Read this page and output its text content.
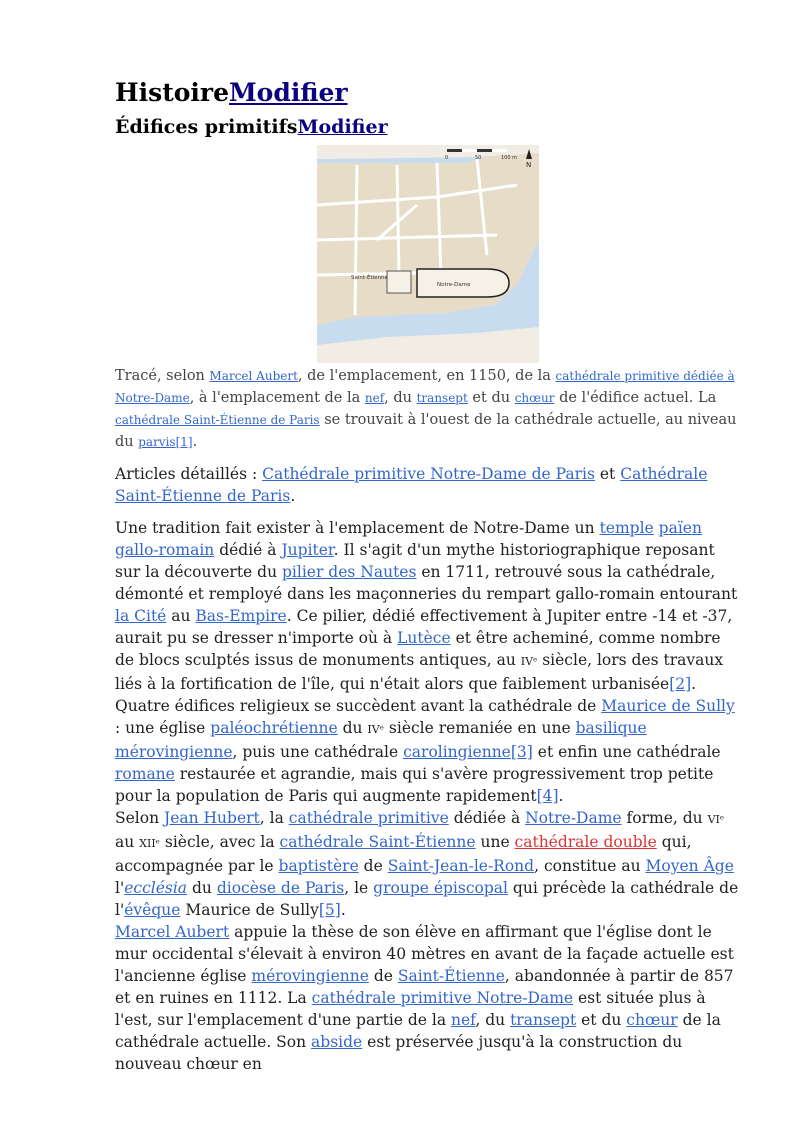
HistoireModifier
Édifices primitifsModifier
Notre-Dame
Saint-Étienne
0	50	100 m
N
Tracé, selon Marcel Aubert, de l'emplacement, en 1150, de la cathédrale primitive dédiée à Notre-Dame, à l'emplacement de la nef, du transept et du chœur de l'édifice actuel. La cathédrale Saint-Étienne de Paris se trouvait à l'ouest de la cathédrale actuelle, au niveau du parvis[1].

Articles détaillés : Cathédrale primitive Notre-Dame de Paris et Cathédrale Saint-Étienne de Paris.

Une tradition fait exister à l'emplacement de Notre-Dame un temple païen gallo-romain dédié à Jupiter. Il s'agit d'un mythe historiographique reposant sur la découverte du pilier des Nautes en 1711, retrouvé sous la cathédrale, démonté et remployé dans les maçonneries du rempart gallo-romain entourant la Cité au Bas-Empire. Ce pilier, dédié effectivement à Jupiter entre -14 et -37, aurait pu se dresser n'importe où à Lutèce et être acheminé, comme nombre de blocs sculptés issus de monuments antiques, au IVᵉ siècle, lors des travaux liés à la fortification de l'île, qui n'était alors que faiblement urbanisée[2].

Quatre édifices religieux se succèdent avant la cathédrale de Maurice de Sully : une église paléochrétienne du IVᵉ siècle remaniée en une basilique mérovingienne, puis une cathédrale carolingienne[3] et enfin une cathédrale romane restaurée et agrandie, mais qui s'avère progressivement trop petite pour la population de Paris qui augmente rapidement[4].

Selon Jean Hubert, la cathédrale primitive dédiée à Notre-Dame forme, du VIᵉ au XIIᵉ siècle, avec la cathédrale Saint-Étienne une cathédrale double qui, accompagnée par le baptistère de Saint-Jean-le-Rond, constitue au Moyen Âge l'ecclésia du diocèse de Paris, le groupe épiscopal qui précède la cathédrale de l'évêque Maurice de Sully[5].

Marcel Aubert appuie la thèse de son élève en affirmant que l'église dont le mur occidental s'élevait à environ 40 mètres en avant de la façade actuelle est l'ancienne église mérovingienne de Saint-Étienne, abandonnée à partir de 857 et en ruines en 1112. La cathédrale primitive Notre-Dame est située plus à l'est, sur l'emplacement d'une partie de la nef, du transept et du chœur de la cathédrale actuelle. Son abside est préservée jusqu'à la construction du nouveau chœur en
